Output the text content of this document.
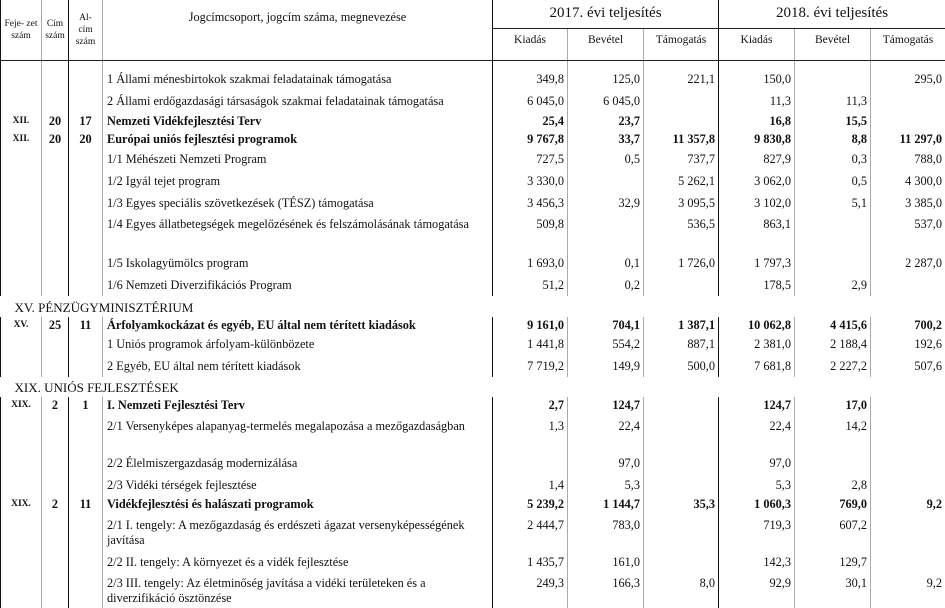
Feje- zet szám	Cím szám	Al- cím szám	Jogcímcsoport, jogcím száma, megnevezése	2017. évi teljesítés			2018. évi teljesítés		
				Kiadás	Bevétel	Támogatás	Kiadás	Bevétel	Támogatás
			1 Állami ménesbirtokok szakmai feladatainak támogatása	349,8	125,0	221,1	150,0		295,0
			2 Állami erdőgazdasági társaságok szakmai feladatainak támogatása	6 045,0	6 045,0		11,3	11,3	
XII.	20	17	Nemzeti Vidékfejlesztési Terv	25,4	23,7		16,8	15,5	
XII.	20	20	Európai uniós fejlesztési programok	9 767,8	33,7	11 357,8	9 830,8	8,8	11 297,0
			1/1 Méhészeti Nemzeti Program	727,5	0,5	737,7	827,9	0,3	788,0
			1/2 Igyál tejet program	3 330,0		5 262,1	3 062,0	0,5	4 300,0
			1/3 Egyes speciális szövetkezések (TÉSZ) támogatása	3 456,3	32,9	3 095,5	3 102,0	5,1	3 385,0
			1/4 Egyes állatbetegségek megelőzésének és felszámolásának támogatása	509,8		536,5	863,1		537,0
			1/5 Iskolagyümölcs program	1 693,0	0,1	1 726,0	1 797,3		2 287,0
			1/6 Nemzeti Diverzifikációs Program	51,2	0,2		178,5	2,9	
XV. PÉNZÜGYMINISZTÉRIUM									
XV.	25	11	Árfolyamkockázat és egyéb, EU által nem térített kiadások	9 161,0	704,1	1 387,1	10 062,8	4 415,6	700,2
			1 Uniós programok árfolyam-különbözete	1 441,8	554,2	887,1	2 381,0	2 188,4	192,6
			2 Egyéb, EU által nem térített kiadások	7 719,2	149,9	500,0	7 681,8	2 227,2	507,6
XIX. UNIÓS FEJLESZTÉSEK									
XIX.	2	1	I. Nemzeti Fejlesztési Terv	2,7	124,7		124,7	17,0	
			2/1 Versenyképes alapanyag-termelés megalapozása a mezőgazdaságban	1,3	22,4		22,4	14,2	
			2/2 Élelmiszergazdaság modernizálása		97,0		97,0		
			2/3 Vidéki térségek fejlesztése	1,4	5,3		5,3	2,8	
XIX.	2	11	Vidékfejlesztési és halászati programok	5 239,2	1 144,7	35,3	1 060,3	769,0	9,2
			2/1 I. tengely: A mezőgazdaság és erdészeti ágazat versenyképességének javítása	2 444,7	783,0		719,3	607,2	
			2/2 II. tengely: A környezet és a vidék fejlesztése	1 435,7	161,0		142,3	129,7	
			2/3 III. tengely: Az életminőség javítása a vidéki területeken és a diverzifikáció ösztönzése	249,3	166,3	8,0	92,9	30,1	9,2
